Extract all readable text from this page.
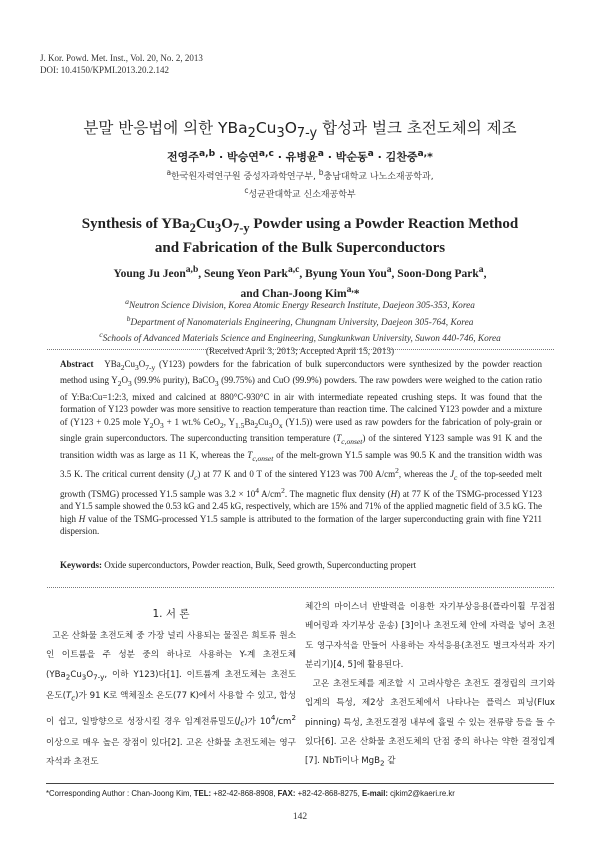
J. Kor. Powd. Met. Inst., Vol. 20, No. 2, 2013
DOI: 10.4150/KPMI.2013.20.2.142
분말 반응법에 의한 $YBa_2Cu_3O_{7-y}$ 합성과 벌크 초전도체의 제조
전영주$^{a,b}$ · 박승연$^{a,c}$ · 유병윤$^a$ · 박순동$^a$ · 김찬중$^{a,}$*
$^a$한국원자력연구원 중성자과학연구부, $^b$충남대학교 나노소재공학과,
$^c$성균관대학교 신소재공학부
Synthesis of $YBa_2Cu_3O_{7-y}$ Powder using a Powder Reaction Method
and Fabrication of the Bulk Superconductors
Young Ju Jeon$^{a,b}$, Seung Yeon Park$^{a,c}$, Byung Youn You$^a$, Soon-Dong Park$^a$,
and Chan-Joong Kim$^{a,}$*
$^a$Neutron Science Division, Korea Atomic Energy Research Institute, Daejeon 305-353, Korea
$^b$Department of Nanomaterials Engineering, Chungnam University, Daejeon 305-764, Korea
$^c$Schools of Advanced Materials Science and Engineering, Sungkunkwan University, Suwon 440-746, Korea
(Received April 3, 2013; Accepted April 15, 2013)
Abstract $YBa_2Cu_3O_{7-y}$ (Y123) powders for the fabrication of bulk superconductors were synthesized by the powder reaction method using $Y_2O_3$ (99.9% purity), BaCO$_3$ (99.75%) and CuO (99.9%) powders. The raw powders were weighed to the cation ratio of Y:Ba:Cu=1:2:3, mixed and calcined at 880°C-930°C in air with intermediate repeated crushing steps. It was found that the formation of Y123 powder was more sensitive to reaction temperature than reaction time. The calcined Y123 powder and a mixture of (Y123 + 0.25 mole $Y_2O_3 + 1$ wt.% CeO$_2$, $Y_{1.5}Ba_2Cu_3O_x$ (Y1.5)) were used as raw powders for the fabrication of poly-grain or single grain superconductors. The superconducting transition temperature $(T_{c,onset})$ of the sintered Y123 sample was 91 K and the transition width was as large as 11 K, whereas the $T_{c,onset}$ of the melt-grown Y1.5 sample was 90.5 K and the transition width was 3.5 K. The critical current density $(J_c)$ at 77 K and 0 T of the sintered Y123 was 700 $A/cm^2$, whereas the $J_c$ of the top-seeded melt growth (TSMG) processed Y1.5 sample was $3.2 \times 10^4$ $A/cm^2$. The magnetic flux density (H) at 77 K of the TSMG-processed Y123 and Y1.5 sample showed the 0.53 kG and 2.45 kG, respectively, which are 15% and 71% of the applied magnetic field of 3.5 kG. The high H value of the TSMG-processed Y1.5 sample is attributed to the formation of the larger superconducting grain with fine Y211 dispersion.
Keywords: Oxide superconductors, Powder reaction, Bulk, Seed growth, Superconducting propert
1. 서 론
고온 산화물 초전도체 중 가장 널리 사용되는 물질은 희토류 원소인 이트륨을 주 성분 중의 하나로 사용하는 Y-계 초전도체($YBa_2Cu_3O_{7-y}$, 이하 Y123)다[1]. 이트륨계 초전도체는 초전도 온도$(T_c)$가 91 K로 액체질소 온도(77 K)에서 사용할 수 있고, 합성이 쉽고, 일방향으로 성장시킬 경우 임계전류밀도$(J_c)$가 $10^4/cm^2$ 이상으로 매우 높은 장점이 있다[2]. 고온 산화물 초전도체는 영구자석과 초전도
체간의 마이스너 반발력을 이용한 자기부상응용(플라이휠 무접점 베어링과 자기부상 운송) [3]이나 초전도체 안에 자력을 넣어 초전도 영구자석을 만들어 사용하는 자석응용(초전도 벌크자석과 자기분리기)[4, 5]에 활용된다.
고온 초전도체를 제조할 시 고려사항은 초전도 결정립의 크기와 입계의 특성, 제2상 초전도체에서 나타나는 플럭스 피닝(Flux pinning) 특성, 초전도결정 내부에 흘릴 수 있는 전류량 등을 들 수 있다[6]. 고온 산화물 초전도체의 단점 중의 하나는 약한 결정입계[7]. NbTi이나 MgB$_2$ 같
*Corresponding Author : Chan-Joong Kim, TEL: +82-42-868-8908, FAX: +82-42-868-8275, E-mail: cjkim2@kaeri.re.kr
142
